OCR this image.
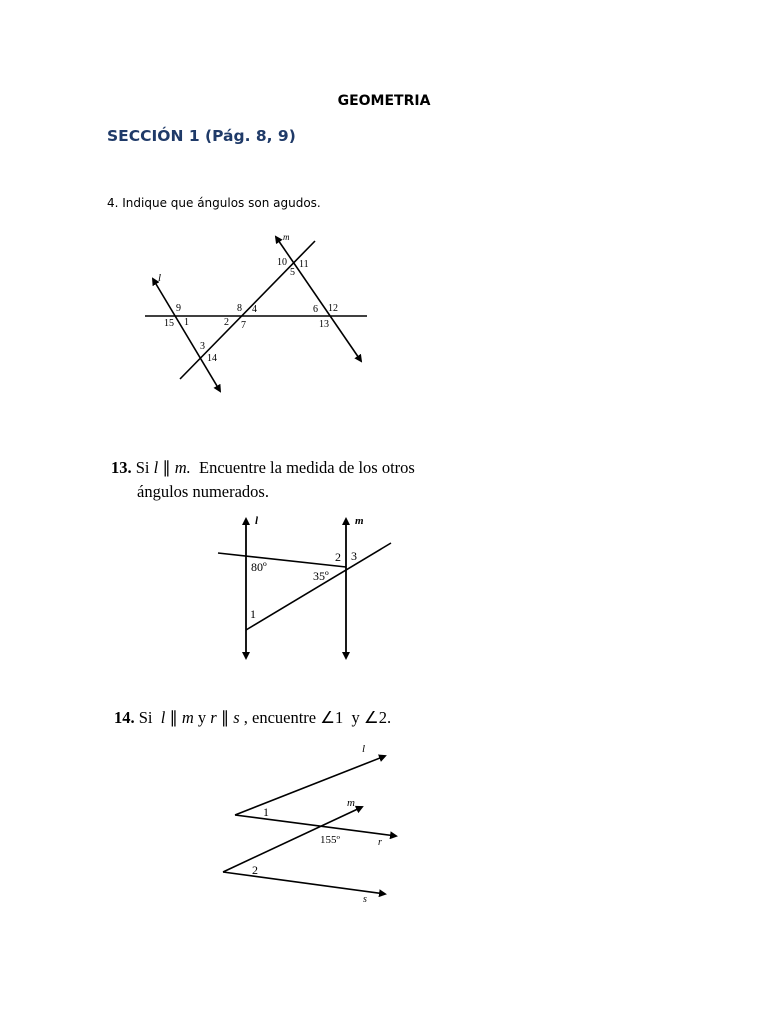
GEOMETRIA
SECCIÓN 1 (Pág. 8, 9)
4. Indique que ángulos son agudos.
l
m
10 11
5
9	8 4	6 12
15 1	2 7	13
3
14
13. Si l ∥ m. Encuentre la medida de los otros
ángulos numerados.
l	m
80º
35º
1
2 3
14. Si l ∥ m y r ∥ s , encuentre ∠1 y ∠2.
l
m
r
s
1
155º
2
